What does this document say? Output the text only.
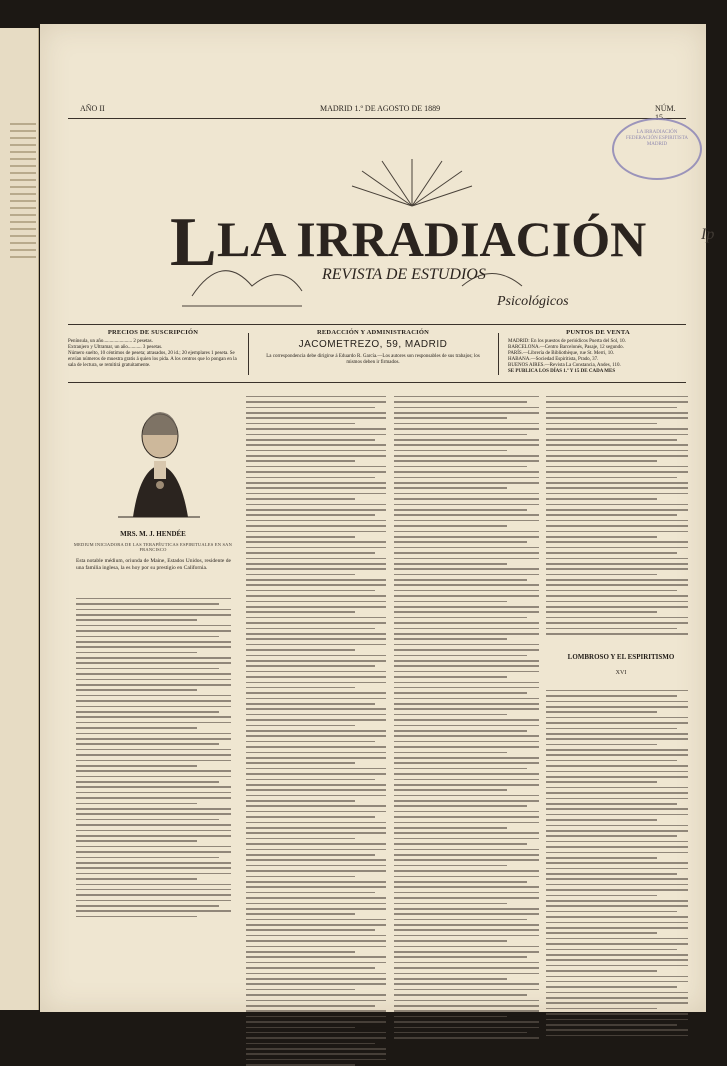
AÑO II	MADRID 1.º DE AGOSTO DE 1889	NÚM.
LA IRRADIACIÓN
FEDERACIÓN ESPIRITISTA
MADRID
L LA IRRADIACIÓN
REVISTA DE ESTUDIOS
Psicológicos
PRECIOS DE SUSCRIPCIÓN
Península, un año....................... 2 pesetas.
Extranjero y Ultramar, un año........... 3 pesetas.
Número suelto, 10 céntimos de peseta; atrasados, 20 id.; 20 ejemplares 1 peseta. Se envían números de muestra gratis á quien los pida. A los centros que lo pongan en la sala de lectura, se remitirá gratuitamente.
REDACCIÓN Y ADMINISTRACIÓN
JACOMETREZO, 59, MADRID
La correspondencia debe dirigirse á Eduardo R. García.—Los autores son responsables de sus trabajos; los mismos deben ir firmados.
PUNTOS DE VENTA
MADRID: En los puestos de periódicos Puerta del Sol, 10.
BARCELONA.—Centro Barcelonés, Pasaje, 12 segundo.
PARÍS.—Librería de Bibliothèque, rue St. Merri, 10.
HABANA.—Sociedad Espiritista, Prado, 37.
BUENOS AIRES.—Revista La Constancia, Andes, 110.
SE PUBLICA LOS DÍAS 1.º Y 15 DE CADA MES
MRS. M. J. HENDÉE
MEDIUM INICIADORA DE LAS TERAPÉUTICAS ESPIRITUALES EN SAN FRANCISCO
Esta notable médium, oriunda de Maine, Estados Unidos, residente de una familia inglesa, la es hoy por su prestigio en California.
LOMBROSO Y EL ESPIRITISMO
XVI
Ip
